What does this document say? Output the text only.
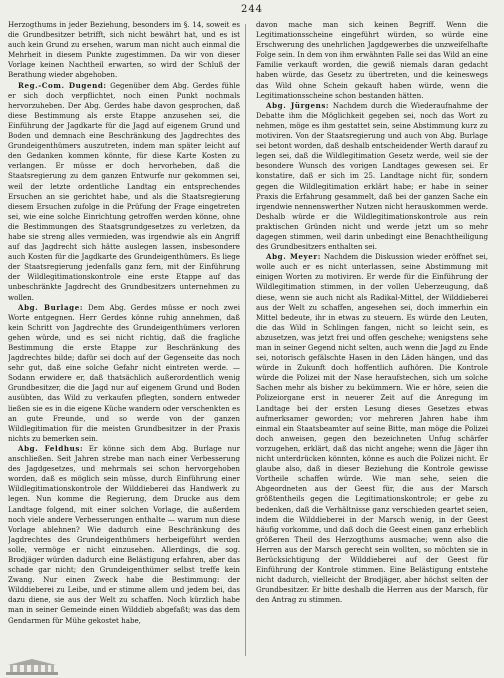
244

Herzogthums in jeder Beziehung, besonders im §. 14, soweit es die Grundbesitzer betrifft, sich nicht bewährt hat, und es ist auch kein Grund zu ersehen, warum man nicht auch einmal die Mehrheit in diesem Punkte zugestimmen. Da wir von dieser Vorlage keinen Nachtheil erwarten, so wird der Schluß der Berathung wieder abgehoben.

Reg.-Com. Dugend: Gegenüber dem Abg. Gerdes fühle er sich doch verpflichtet, noch einen Punkt nochmals hervorzuheben. Der Abg. Gerdes habe davon gesprochen, daß diese Bestimmung als erste Etappe anzusehen sei, die Einführung der Jagdkarte für die Jagd auf eigenem Grund und Boden und demnach eine Beschränkung des Jagdrechtes des Grundeigenthümers auszutreten, indem man später leicht auf den Gedanken kommen könnte, für diese Karte Kosten zu verlangen. Er müsse er doch hervorheben, daß die Staatsregierung zu dem ganzen Entwurfe nur gekommen sei, weil der letzte ordentliche Landtag ein entsprechendes Ersuchen an sie gerichtet habe, und als die Staatsregierung diesem Ersuchen zufolge in die Prüfung der Frage eingetreten sei, wie eine solche Einrichtung getroffen werden könne, ohne die Bestimmungen des Staatsgrundgesetzes zu verletzen, da habe sie streng alles vermieden, was irgendwie als ein Angriff auf das Jagdrecht sich hätte auslegen lassen, insbesondere auch Kosten für die Jagdkarte des Grundeigenthümers. Es liege der Staatsregierung jedenfalls ganz fern, mit der Einführung der Wildlegitimationskontrole eine erste Etappe auf das unbeschränkte Jagdrecht des Grundbesitzers unternehmen zu wollen.

Abg. Burlage: Dem Abg. Gerdes müsse er noch zwei Worte entgegnen. Herr Gerdes könne ruhig annehmen, daß kein Schritt von Jagdrechte des Grundeigenthümers verloren gehen würde, und es sei nicht richtig, daß die fragliche Bestimmung die erste Etappe zur Beschränkung des Jagdrechtes bilde; dafür sei doch auf der Gegenseite das noch sehr gut, daß eine solche Gefahr nicht eintreten werde. — Sodann erwidere er, daß thatsächlich außerordentlich wenig Grundbesitzer, die die Jagd nur auf eigenem Grund und Boden ausübten, das Wild zu verkaufen pflegten, sondern entweder ließen sie es in die eigene Küche wandern oder verschenkten es an gute Freunde, und so werde von der ganzen Wildlegitimation für die meisten Grundbesitzer in der Praxis nichts zu bemerken sein.

Abg. Feldhus: Er könne sich dem Abg. Burlage nur anschließen. Seit Jahren strebe man nach einer Verbesserung des Jagdgesetzes, und mehrmals sei schon hervorgehoben worden, daß es möglich sein müsse, durch Einführung einer Wildlegitimationskontrole der Wilddieberei das Handwerk zu legen. Nun komme die Regierung, dem Drucke aus dem Landtage folgend, mit einer solchen Vorlage, die außerdem noch viele andere Verbesserungen enthalte — warum nun diese Vorlage ablehnen? Wie dadurch eine Beschränkung des Jagdrechtes des Grundeigenthümers herbeigeführt werden solle, vermöge er nicht einzusehen. Allerdings, die sog. Brodjäger würden dadurch eine Belästigung erfahren, aber das schade gar nicht; den Grundeigenthümer selbst treffe kein Zwang. Nur einen Zweck habe die Bestimmung: der Wilddieberei zu Leibe, und er stimme allem und jedem bei, das dazu diene, sie aus der Welt zu schaffen. Noch kürzlich habe man in seiner Gemeinde einen Wilddieb abgefaßt; was das dem Gendarmen für Mühe gekostet habe,

davon mache man sich keinen Begriff. Wenn die Legitimationsscheine eingeführt würden, so würde eine Erschwerung des unehrlichen Jagdgewerbes die unzweifelhafte Folge sein. In dem von ihm erwähnten Falle sei das Wild an eine Familie verkauft worden, die gewiß niemals daran gedacht haben würde, das Gesetz zu übertreten, und die keineswegs das Wild ohne Schein gekauft haben würde, wenn die Legitimationsscheine schon bestanden hätten.

Abg. Jürgens: Nachdem durch die Wiederaufnahme der Debatte ihm die Möglichkeit gegeben sei, noch das Wort zu nehmen, möge es ihm gestattet sein, seine Abstimmung kurz zu motiviren. Von der Staatsregierung und auch von Abg. Burlage sei betont worden, daß deshalb entscheidender Werth darauf zu legen sei, daß die Wildlegitimation Gesetz werde, weil sie der besondere Wunsch des vorigen Landtages gewesen sei. Er konstatire, daß er sich im 25. Landtage nicht für, sondern gegen die Wildlegitimation erklärt habe; er habe in seiner Praxis die Erfahrung gesammelt, daß bei der ganzen Sache ein irgendwie nennenswerther Nutzen nicht herauskommen werde. Deshalb würde er die Wildlegitimationskontrole aus rein praktischen Gründen nicht und werde jetzt um so mehr dagegen stimmen, weil darin unbedingt eine Benachtheiligung des Grundbesitzers enthalten sei.

Abg. Meyer: Nachdem die Diskussion wieder eröffnet sei, wolle auch er es nicht unterlassen, seine Abstimmung mit einigen Worten zu motiviren. Er werde für die Einführung der Wildlegitimation stimmen, in der vollen Ueberzeugung, daß diese, wenn sie auch nicht als Radikal-Mittel, der Wilddieberei aus der Welt zu schaffen, angesehen sei, doch immerhin ein Mittel bedeute, ihr in etwas zu steuern. Es würde den Leuten, die das Wild in Schlingen fangen, nicht so leicht sein, es abzusetzen, was jetzt frei und offen geschehe; wenigstens sehe man in seiner Gegend nicht selten, auch wenn die Jagd zu Ende sei, notorisch gefälschte Hasen in den Läden hängen, und das würde in Zukunft doch hoffentlich aufhören. Die Kontrole würde die Polizei mit der Nase heraufstechen, sich um solche Sachen mehr als bisher zu bekümmern. Wie er höre, seien die Polizeiorgane erst in neuerer Zeit auf die Anregung im Landtage bei der ersten Lesung dieses Gesetzes etwas aufmerksamer geworden; vor mehreren Jahren habe ihm einmal ein Staatsbeamter auf seine Bitte, man möge die Polizei doch anweisen, gegen den bezeichneten Unfug schärfer vorzugehen, erklärt, daß das nicht angehe; wenn die Jäger ihn nicht unterdrücken könnten, könne es auch die Polizei nicht. Er glaube also, daß in dieser Beziehung die Kontrole gewisse Vortheile schaffen würde. Wie man sehe, seien die Abgeordneten aus der Geest für, die aus der Marsch größtentheils gegen die Legitimationskontrole; er gebe zu bedenken, daß die Verhältnisse ganz verschieden geartet seien, indem die Wilddieberei in der Marsch wenig, in der Geest häufig vorkomme, und daß doch die Geest einen ganz erheblich größeren Theil des Herzogthums ausmache; wenn also die Herren aus der Marsch gerecht sein wollten, so möchten sie in Berücksichtigung der Wilddieberei auf der Geest für Einführung der Kontrole stimmen. Eine Belästigung entstehe nicht dadurch, vielleicht der Brodjäger, aber höchst selten der Grundbesitzer. Er bitte deshalb die Herren aus der Marsch, für den Antrag zu stimmen.
